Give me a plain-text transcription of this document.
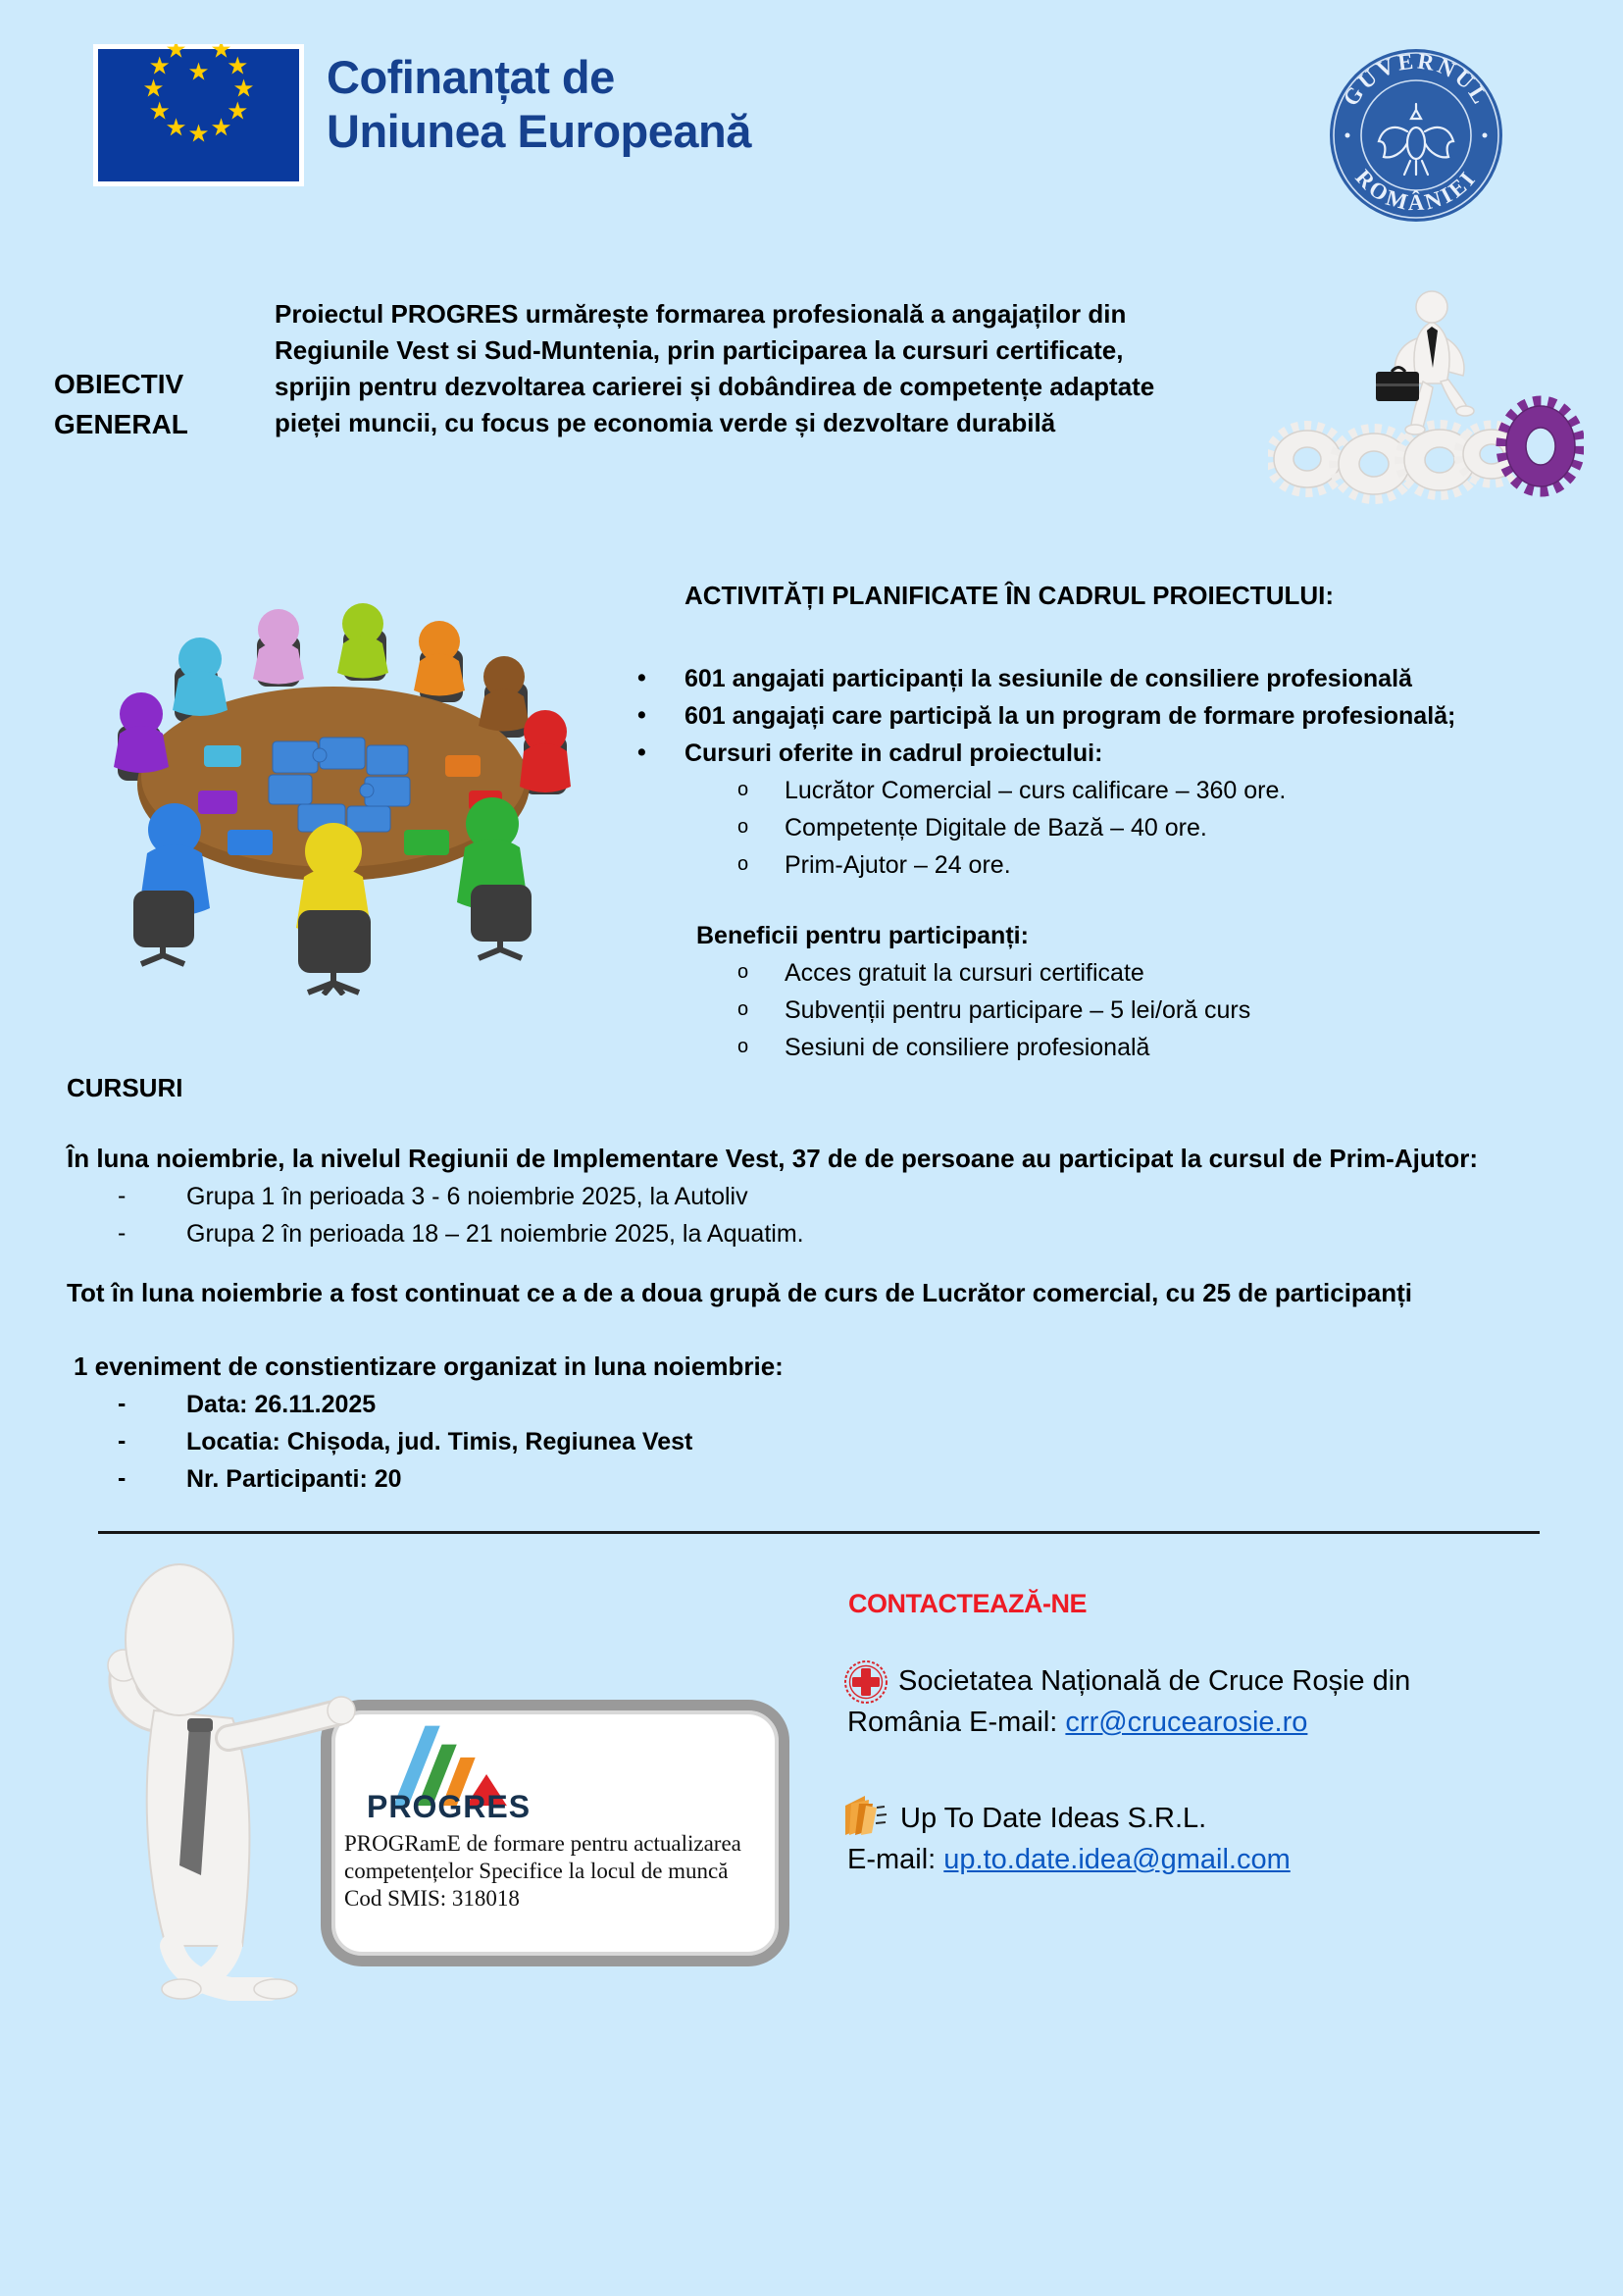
Cofinanțat de
Uniunea Europeană
GUVERNUL
ROMÂNIEI
OBIECTIV
GENERAL
Proiectul PROGRES urmărește formarea profesională a angajaților din
Regiunile Vest si Sud-Muntenia, prin participarea la cursuri certificate,
sprijin pentru dezvoltarea carierei și dobândirea de competențe adaptate
pieței muncii, cu focus pe economia verde și dezvoltare durabilă
ACTIVITĂȚI PLANIFICATE ÎN CADRUL PROIECTULUI:
• 601 angajati participanți la sesiunile de consiliere profesională
• 601 angajați care participă la un program de formare profesională;
• Cursuri oferite in cadrul proiectului:
o Lucrător Comercial – curs calificare – 360 ore.
o Competențe Digitale de Bază – 40 ore.
o Prim-Ajutor – 24 ore.
Beneficii pentru participanți:
o Acces gratuit la cursuri certificate
o Subvenții pentru participare – 5 lei/oră curs
o Sesiuni de consiliere profesională
CURSURI
În luna noiembrie, la nivelul Regiunii de Implementare Vest, 37 de de persoane au participat la cursul de Prim-Ajutor:
- Grupa 1 în perioada 3 - 6 noiembrie 2025, la Autoliv
- Grupa 2 în perioada 18 – 21 noiembrie 2025, la Aquatim.
Tot în luna noiembrie a fost continuat ce a de a doua grupă de curs de Lucrător comercial, cu 25 de participanți
1 eveniment de constientizare organizat in luna noiembrie:
- Data: 26.11.2025
- Locatia: Chișoda, jud. Timis, Regiunea Vest
- Nr. Participanti: 20
PROGRES
PROGRamE de formare pentru actualizarea
competențelor Specifice la locul de muncă
Cod SMIS: 318018
CONTACTEAZĂ-NE
Societatea Națională de Cruce Roșie din
România E-mail: crr@crucearosie.ro
Up To Date Ideas S.R.L.
E-mail: up.to.date.idea@gmail.com
